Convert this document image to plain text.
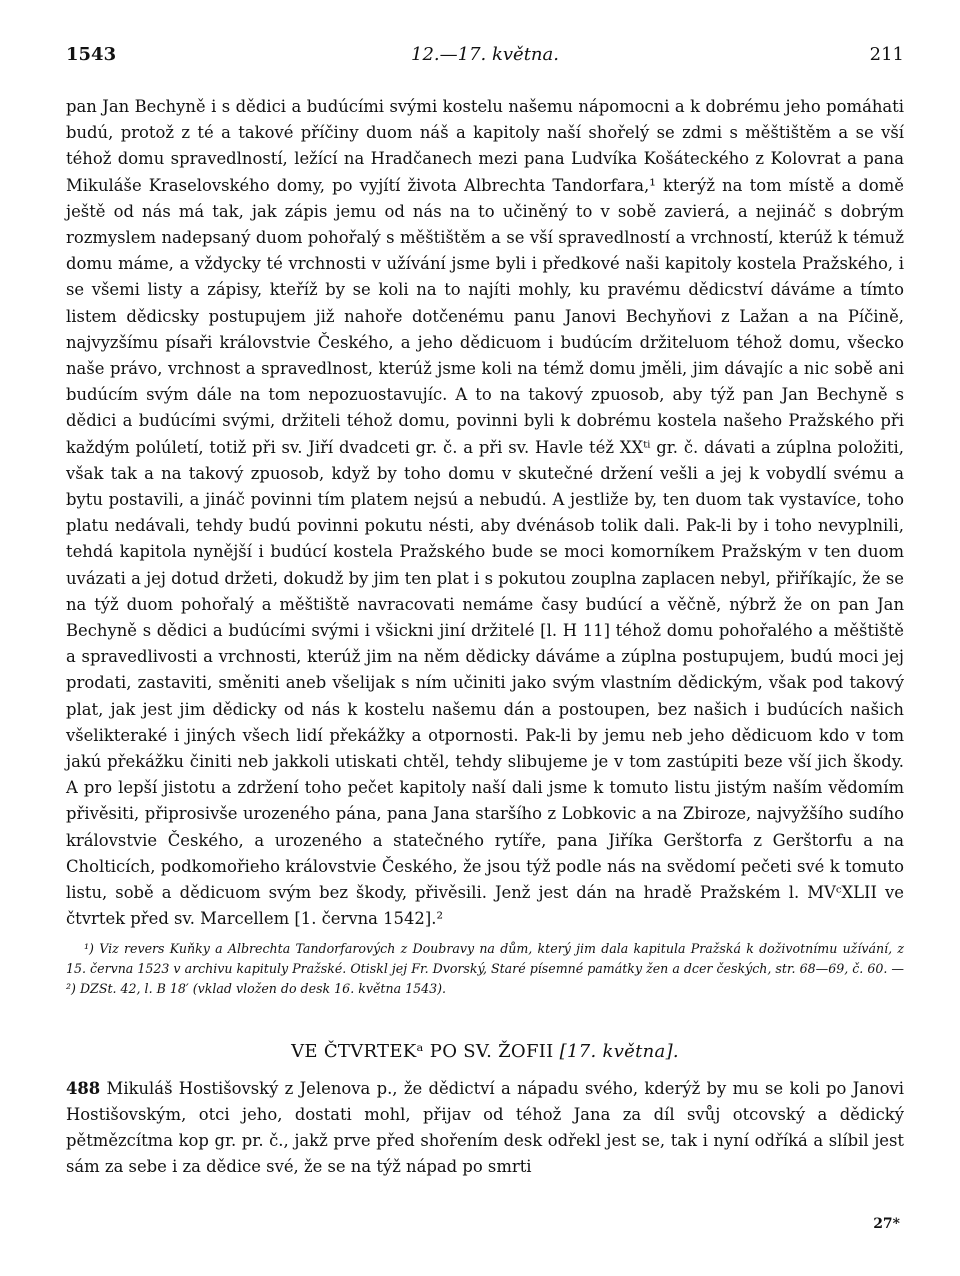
1543	12.—17. května.	211

pan Jan Bechyně i s dědici a budúcími svými kostelu našemu nápomocni a k dobrému jeho pomáhati budú, protož z té a takové příčiny duom náš a kapitoly naší shořelý se zdmi s měštištěm a se vší téhož domu spravedlností, ležící na Hradčanech mezi pana Ludvíka Košáteckého z Kolovrat a pana Mikuláše Kraselovského domy, po vyjítí života Albrechta Tandorfara,¹ kterýž na tom místě a domě ještě od nás má tak, jak zápis jemu od nás na to učiněný to v sobě zavierá, a nejináč s dobrým rozmyslem nadepsaný duom pohořalý s měštištěm a se vší spravedlností a vrchností, kterúž k témuž domu máme, a vždycky té vrchnosti v užívání jsme byli i předkové naši kapitoly kostela Pražského, i se všemi listy a zápisy, kteříž by se koli na to najíti mohly, ku pravému dědicství dáváme a tímto listem dědicsky postupujem již nahoře dotčenému panu Janovi Bechyňovi z Lažan a na Píčině, najvyzšímu písaři královstvie Českého, a jeho dědicuom i budúcím držiteluom téhož domu, všecko naše právo, vrchnost a spravedlnost, kterúž jsme koli na témž domu jměli, jim dávajíc a nic sobě ani budúcím svým dále na tom nepozuostavujíc. A to na takový zpuosob, aby týž pan Jan Bechyně s dědici a budúcími svými, držiteli téhož domu, povinni byli k dobrému kostela našeho Pražského při každým polúletí, totiž při sv. Jiří dvadceti gr. č. a při sv. Havle též XXᵗⁱ gr. č. dávati a zúplna položiti, však tak a na takový zpuosob, když by toho domu v skutečné držení vešli a jej k vobydlí svému a bytu postavili, a jináč povinni tím platem nejsú a nebudú. A jestliže by, ten duom tak vystavíce, toho platu nedávali, tehdy budú povinni pokutu nésti, aby dvénásob tolik dali. Pak-li by i toho nevyplnili, tehdá kapitola nynější i budúcí kostela Pražského bude se moci komorníkem Pražským v ten duom uvázati a jej dotud držeti, dokudž by jim ten plat i s pokutou zouplna zaplacen nebyl, přiříkajíc, že se na týž duom pohořalý a měštiště navracovati nemáme časy budúcí a věčně, nýbrž že on pan Jan Bechyně s dědici a budúcími svými i všickni jiní držitelé [l. H 11] téhož domu pohořalého a měštiště a spravedlivosti a vrchnosti, kterúž jim na něm dědicky dáváme a zúplna postupujem, budú moci jej prodati, zastaviti, směniti aneb všelijak s ním učiniti jako svým vlastním dědickým, však pod takový plat, jak jest jim dědicky od nás k kostelu našemu dán a postoupen, bez našich i budúcích našich všelikteraké i jiných všech lidí překážky a otpornosti. Pak-li by jemu neb jeho dědicuom kdo v tom jakú překážku činiti neb jakkoli utiskati chtěl, tehdy slibujeme je v tom zastúpiti beze vší jich škody. A pro lepší jistotu a zdržení toho pečet kapitoly naší dali jsme k tomuto listu jistým naším vědomím přivěsiti, připrosivše urozeného pána, pana Jana staršího z Lobkovic a na Zbiroze, najvyžšího sudího královstvie Českého, a urozeného a statečného rytíře, pana Jiříka Gerštorfa z Gerštorfu a na Cholticích, podkomořieho královstvie Českého, že jsou týž podle nás na svědomí pečeti své k tomuto listu, sobě a dědicuom svým bez škody, přivěsili. Jenž jest dán na hradě Pražském l. MVᶜXLII ve čtvrtek před sv. Marcellem [1. června 1542].²

¹) Viz revers Kuňky a Albrechta Tandorfarových z Doubravy na dům, který jim dala kapitula Pražská k doživotnímu užívání, z 15. června 1523 v archivu kapituly Pražské. Otiskl jej Fr. Dvorský, Staré písemné památky žen a dcer českých, str. 68—69, č. 60. — ²) DZSt. 42, l. B 18′ (vklad vložen do desk 16. května 1543).
VE ČTVRTEKᵃ PO SV. ŽOFII [17. května].
488 Mikuláš Hostišovský z Jelenova p., že dědictví a nápadu svého, kderýž by mu se koli po Janovi Hostišovským, otci jeho, dostati mohl, přijav od téhož Jana za díl svůj otcovský a dědický pětmězcítma kop gr. pr. č., jakž prve před shořením desk odřekl jest se, tak i nyní odříká a slíbil jest sám za sebe i za dědice své, že se na týž nápad po smrti
27*
